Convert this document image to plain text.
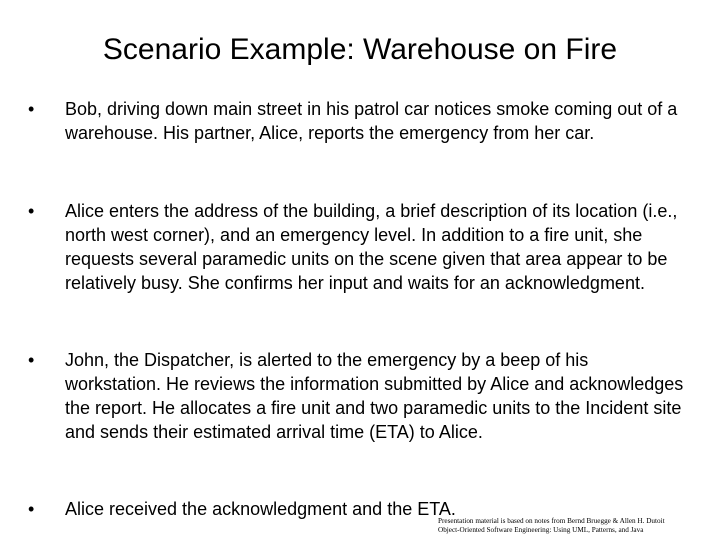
Scenario Example: Warehouse on Fire
•	Bob, driving down main street in his patrol car notices smoke coming out of a warehouse. His partner, Alice, reports the emergency from her car.
•	Alice enters the address of the building, a brief description of its location (i.e., north west corner), and an emergency level. In addition to a fire unit, she requests several paramedic units on the scene given that area appear to be relatively busy. She confirms her input and waits for an acknowledgment.
•	John, the Dispatcher, is alerted to the emergency by a beep of his workstation. He reviews the information submitted by Alice and acknowledges the report. He allocates a fire unit and two paramedic units to the Incident site and sends their estimated arrival time (ETA) to Alice.
•	Alice received the acknowledgment and the ETA.
Presentation material is based on notes from Bernd Bruegge & Allen H. Dutoit
Object-Oriented Software Engineering: Using UML, Patterns, and Java
